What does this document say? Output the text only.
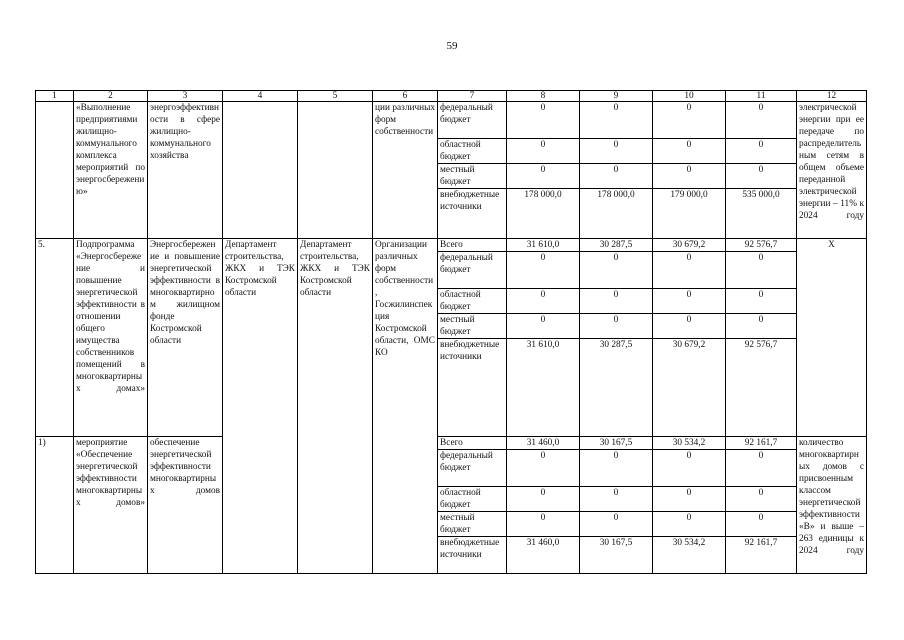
59
1	2	3	4	5	6	7	8	9	10	11	12
	«Выполнение предприятиями жилищно-коммунального комплекса мероприятий по энергосбережению»	энергоэффективности в сфере жилищно-коммунального хозяйства			ции различных форм собственности	федеральный бюджет	0	0	0	0	электрической энергии при ее передаче по распределительным сетям в общем объеме переданной электрической энергии – 11% к 2024 году
						областной бюджет	0	0	0	0	
						местный бюджет	0	0	0	0	
						внебюджетные источники	178 000,0	178 000,0	179 000,0	535 000,0	
5.	Подпрограмма «Энергосбережение и повышение энергетической эффективности в отношении общего имущества собственников помещений в многоквартирных домах»	Энергосбережение и повышение энергетической эффективности в многоквартирном жилищном фонде Костромской области	Департамент строительства, ЖКХ и ТЭК Костромской области	Департамент строительства, ЖКХ и ТЭК Костромской области	Организации различных форм собственности, Госжилинспекция Костромской области, ОМС КО	Всего	31 610,0	30 287,5	30 679,2	92 576,7	X
						федеральный бюджет	0	0	0	0	
						областной бюджет	0	0	0	0	
						местный бюджет	0	0	0	0	
						внебюджетные источники	31 610,0	30 287,5	30 679,2	92 576,7	
1)	мероприятие «Обеспечение энергетической эффективности многоквартирных домов»	обеспечение энергетической эффективности многоквартирных домов				Всего	31 460,0	30 167,5	30 534,2	92 161,7	количество многоквартирных домов с присвоенным классом энергетической эффективности «B» и выше – 263 единицы к 2024 году
						федеральный бюджет	0	0	0	0	
						областной бюджет	0	0	0	0	
						местный бюджет	0	0	0	0	
						внебюджетные источники	31 460,0	30 167,5	30 534,2	92 161,7	
